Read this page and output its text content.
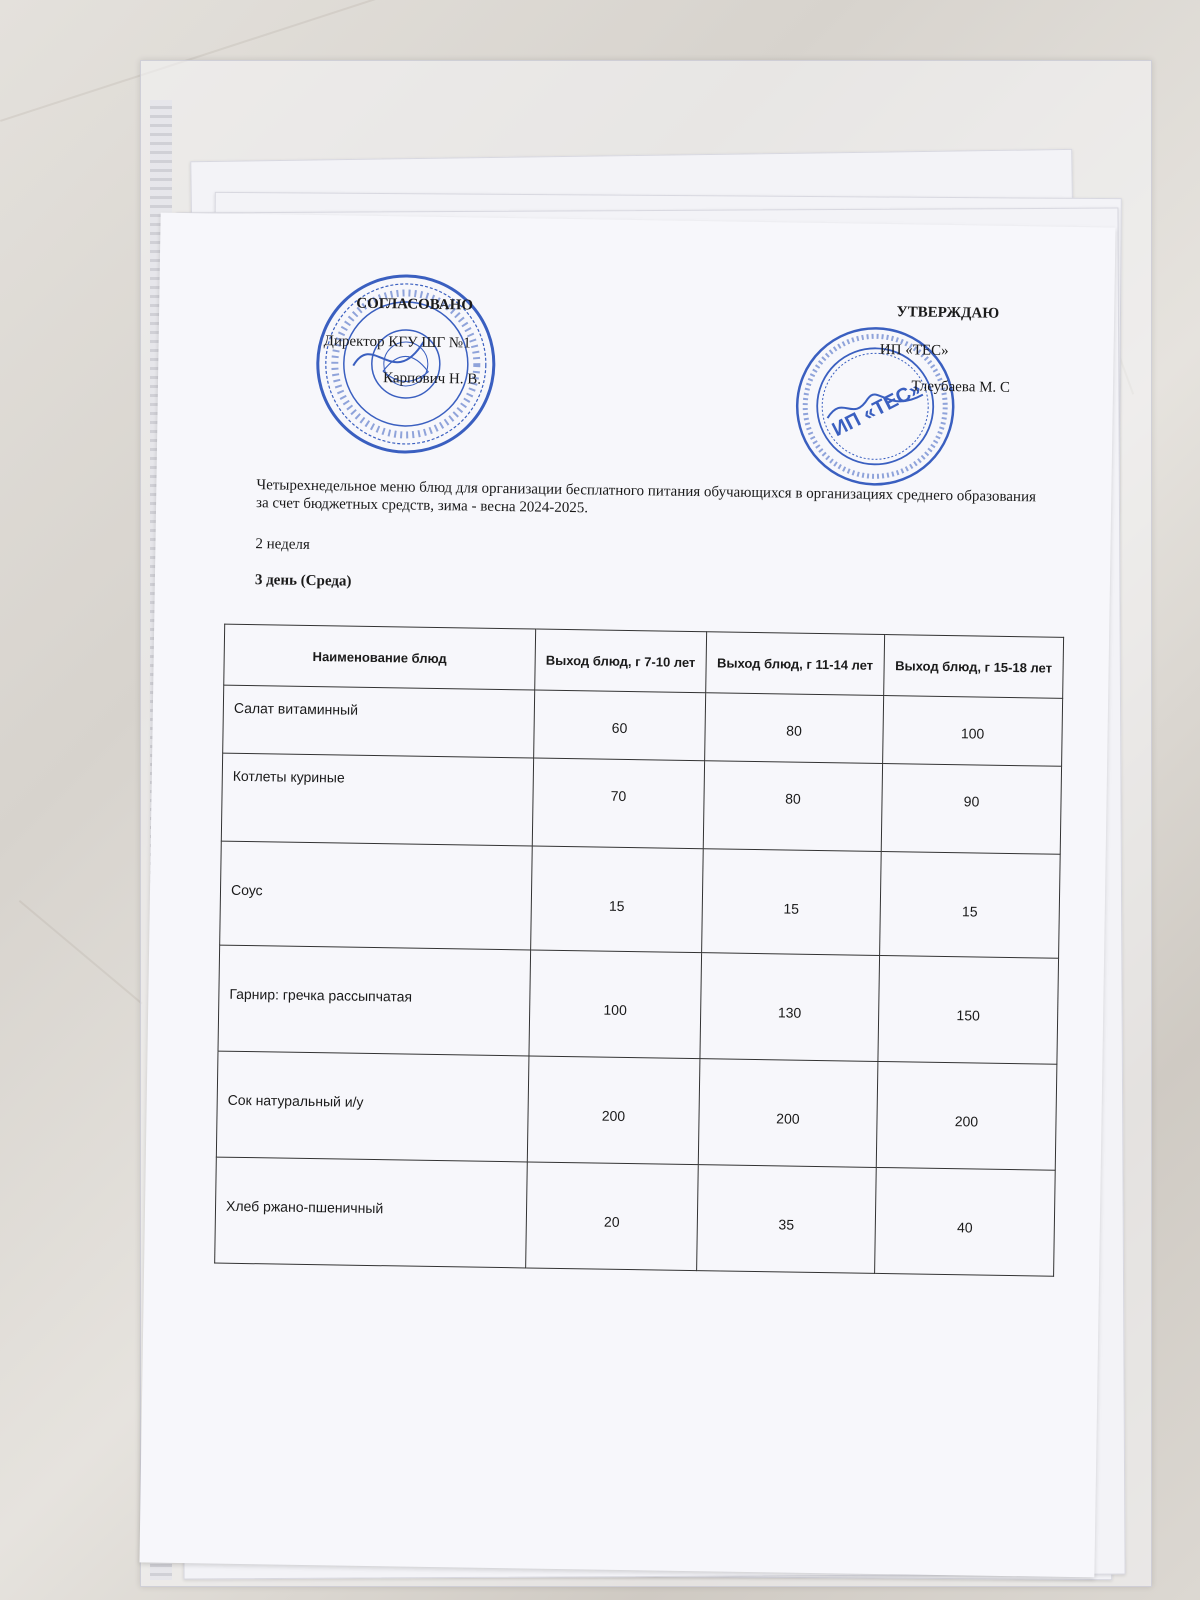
ИП «ТЕС»
СОГЛАСОВАНО
Директор КГУ ШГ №1
Карпович Н. В.
УТВЕРЖДАЮ
ИП «ТЕС»
Тлеубаева М. С
Четырехнедельное меню блюд для организации бесплатного питания обучающихся в организациях среднего образования за счет бюджетных средств, зима - весна 2024-2025.
2 неделя
3 день (Среда)
Наименование блюд	Выход блюд, г 7-10 лет	Выход блюд, г 11-14 лет	Выход блюд, г 15-18 лет
Салат витаминный	60	80	100
Котлеты куриные	70	80	90
Соус	15	15	15
Гарнир: гречка рассыпчатая	100	130	150
Сок натуральный и/у	200	200	200
Хлеб ржано-пшеничный	20	35	40
